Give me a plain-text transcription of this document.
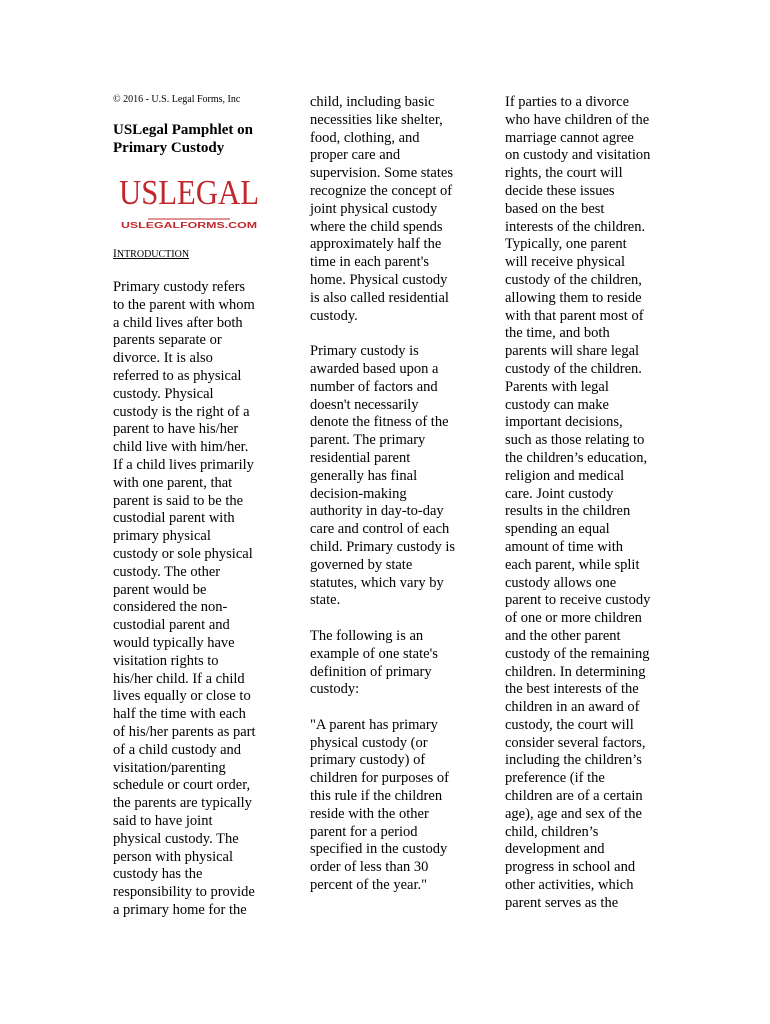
© 2016 - U.S. Legal Forms, Inc
USLegal Pamphlet on
Primary Custody
USLEGAL
USLEGALFORMS.COM
INTRODUCTION
Primary custody refers
to the parent with whom
a child lives after both
parents separate or
divorce. It is also
referred to as physical
custody. Physical
custody is the right of a
parent to have his/her
child live with him/her.
If a child lives primarily
with one parent, that
parent is said to be the
custodial parent with
primary physical
custody or sole physical
custody. The other
parent would be
considered the non-
custodial parent and
would typically have
visitation rights to
his/her child. If a child
lives equally or close to
half the time with each
of his/her parents as part
of a child custody and
visitation/parenting
schedule or court order,
the parents are typically
said to have joint
physical custody. The
person with physical
custody has the
responsibility to provide
a primary home for the
child, including basic
necessities like shelter,
food, clothing, and
proper care and
supervision. Some states
recognize the concept of
joint physical custody
where the child spends
approximately half the
time in each parent's
home. Physical custody
is also called residential
custody.
Primary custody is
awarded based upon a
number of factors and
doesn't necessarily
denote the fitness of the
parent. The primary
residential parent
generally has final
decision-making
authority in day-to-day
care and control of each
child. Primary custody is
governed by state
statutes, which vary by
state.
The following is an
example of one state's
definition of primary
custody:
"A parent has primary
physical custody (or
primary custody) of
children for purposes of
this rule if the children
reside with the other
parent for a period
specified in the custody
order of less than 30
percent of the year."
If parties to a divorce
who have children of the
marriage cannot agree
on custody and visitation
rights, the court will
decide these issues
based on the best
interests of the children.
Typically, one parent
will receive physical
custody of the children,
allowing them to reside
with that parent most of
the time, and both
parents will share legal
custody of the children.
Parents with legal
custody can make
important decisions,
such as those relating to
the children’s education,
religion and medical
care. Joint custody
results in the children
spending an equal
amount of time with
each parent, while split
custody allows one
parent to receive custody
of one or more children
and the other parent
custody of the remaining
children. In determining
the best interests of the
children in an award of
custody, the court will
consider several factors,
including the children’s
preference (if the
children are of a certain
age), age and sex of the
child, children’s
development and
progress in school and
other activities, which
parent serves as the
